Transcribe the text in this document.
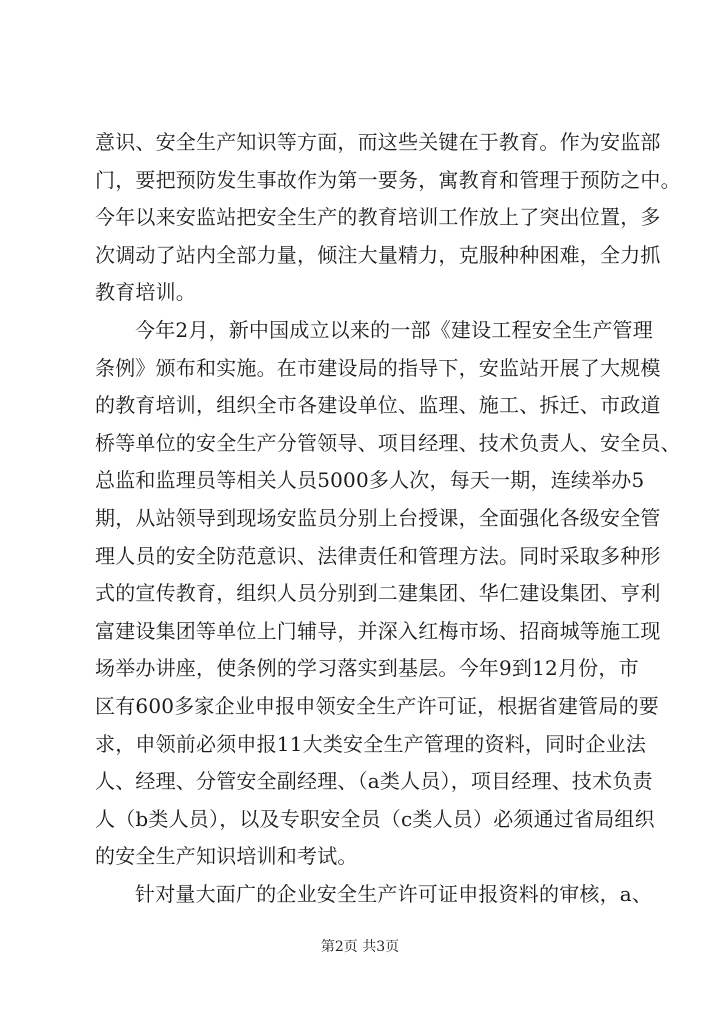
意识、安全生产知识等方面，而这些关键在于教育。作为安监部
门，要把预防发生事故作为第一要务，寓教育和管理于预防之中。
今年以来安监站把安全生产的教育培训工作放上了突出位置，多
次调动了站内全部力量，倾注大量精力，克服种种困难，全力抓
教育培训。
今年2月，新中国成立以来的一部《建设工程安全生产管理
条例》颁布和实施。在市建设局的指导下，安监站开展了大规模
的教育培训，组织全市各建设单位、监理、施工、拆迁、市政道
桥等单位的安全生产分管领导、项目经理、技术负责人、安全员、
总监和监理员等相关人员5000多人次，每天一期，连续举办5
期，从站领导到现场安监员分别上台授课，全面强化各级安全管
理人员的安全防范意识、法律责任和管理方法。同时采取多种形
式的宣传教育，组织人员分别到二建集团、华仁建设集团、亨利
富建设集团等单位上门辅导，并深入红梅市场、招商城等施工现
场举办讲座，使条例的学习落实到基层。今年9到12月份，市
区有600多家企业申报申领安全生产许可证，根据省建管局的要
求，申领前必须申报11大类安全生产管理的资料，同时企业法
人、经理、分管安全副经理、（a类人员），项目经理、技术负责
人（b类人员），以及专职安全员（c类人员）必须通过省局组织
的安全生产知识培训和考试。
针对量大面广的企业安全生产许可证申报资料的审核，a、
第2页 共3页
